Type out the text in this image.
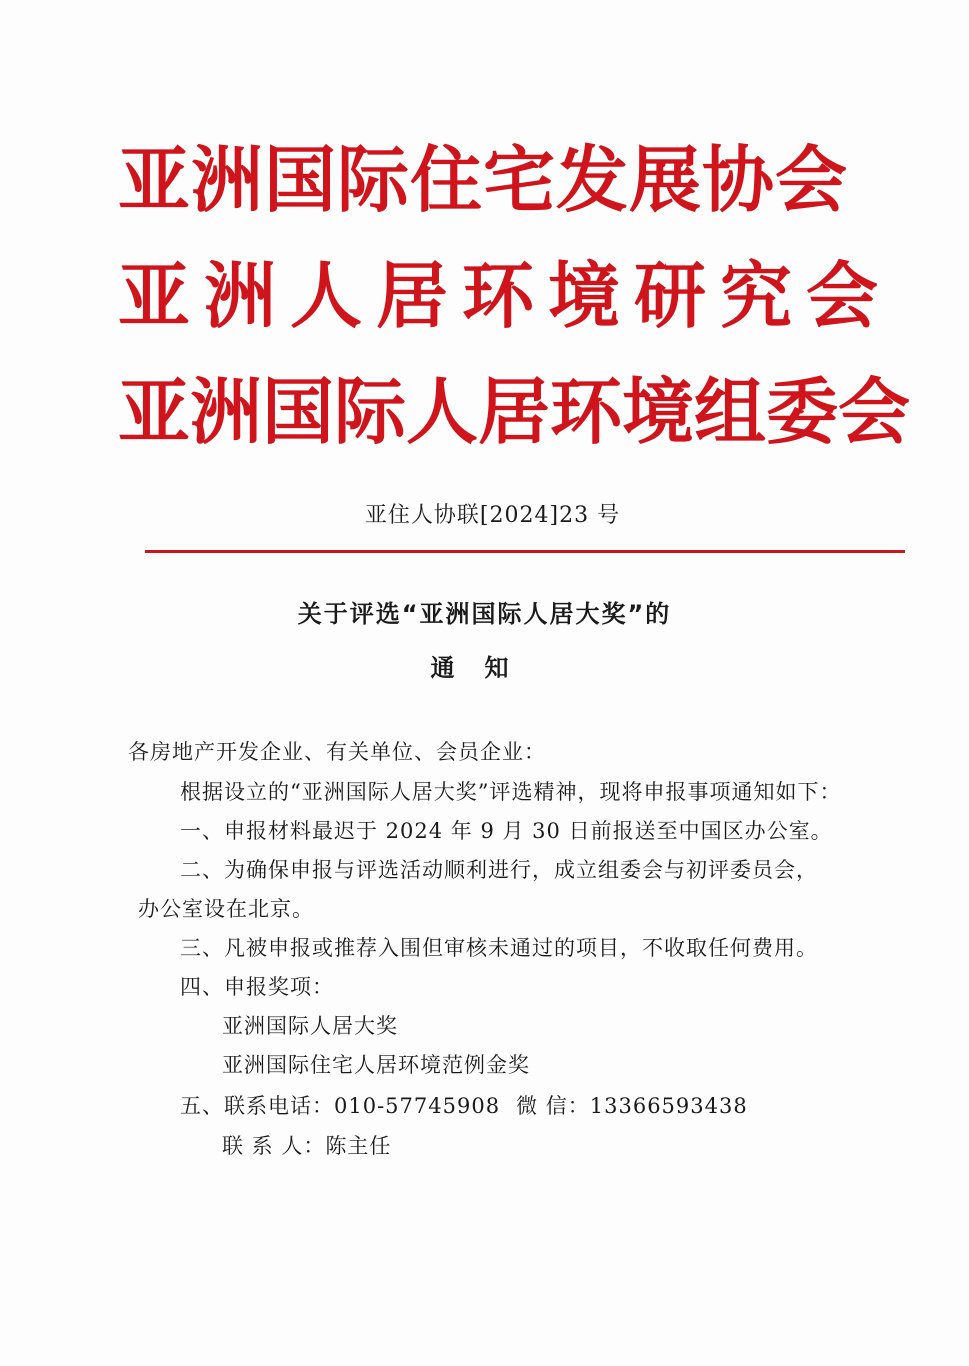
亚洲国际住宅发展协会
亚洲人居环境研究会
亚洲国际人居环境组委会
亚住人协联[2024]23 号
关于评选“亚洲国际人居大奖”的
通知
各房地产开发企业、有关单位、会员企业：
根据设立的“亚洲国际人居大奖”评选精神，现将申报事项通知如下：
一、申报材料最迟于 2024 年 9 月 30 日前报送至中国区办公室。
二、为确保申报与评选活动顺利进行，成立组委会与初评委员会，
办公室设在北京。
三、凡被申报或推荐入围但审核未通过的项目，不收取任何费用。
四、申报奖项：
亚洲国际人居大奖
亚洲国际住宅人居环境范例金奖
五、联系电话：010-57745908 微 信：13366593438
联 系 人：陈主任
